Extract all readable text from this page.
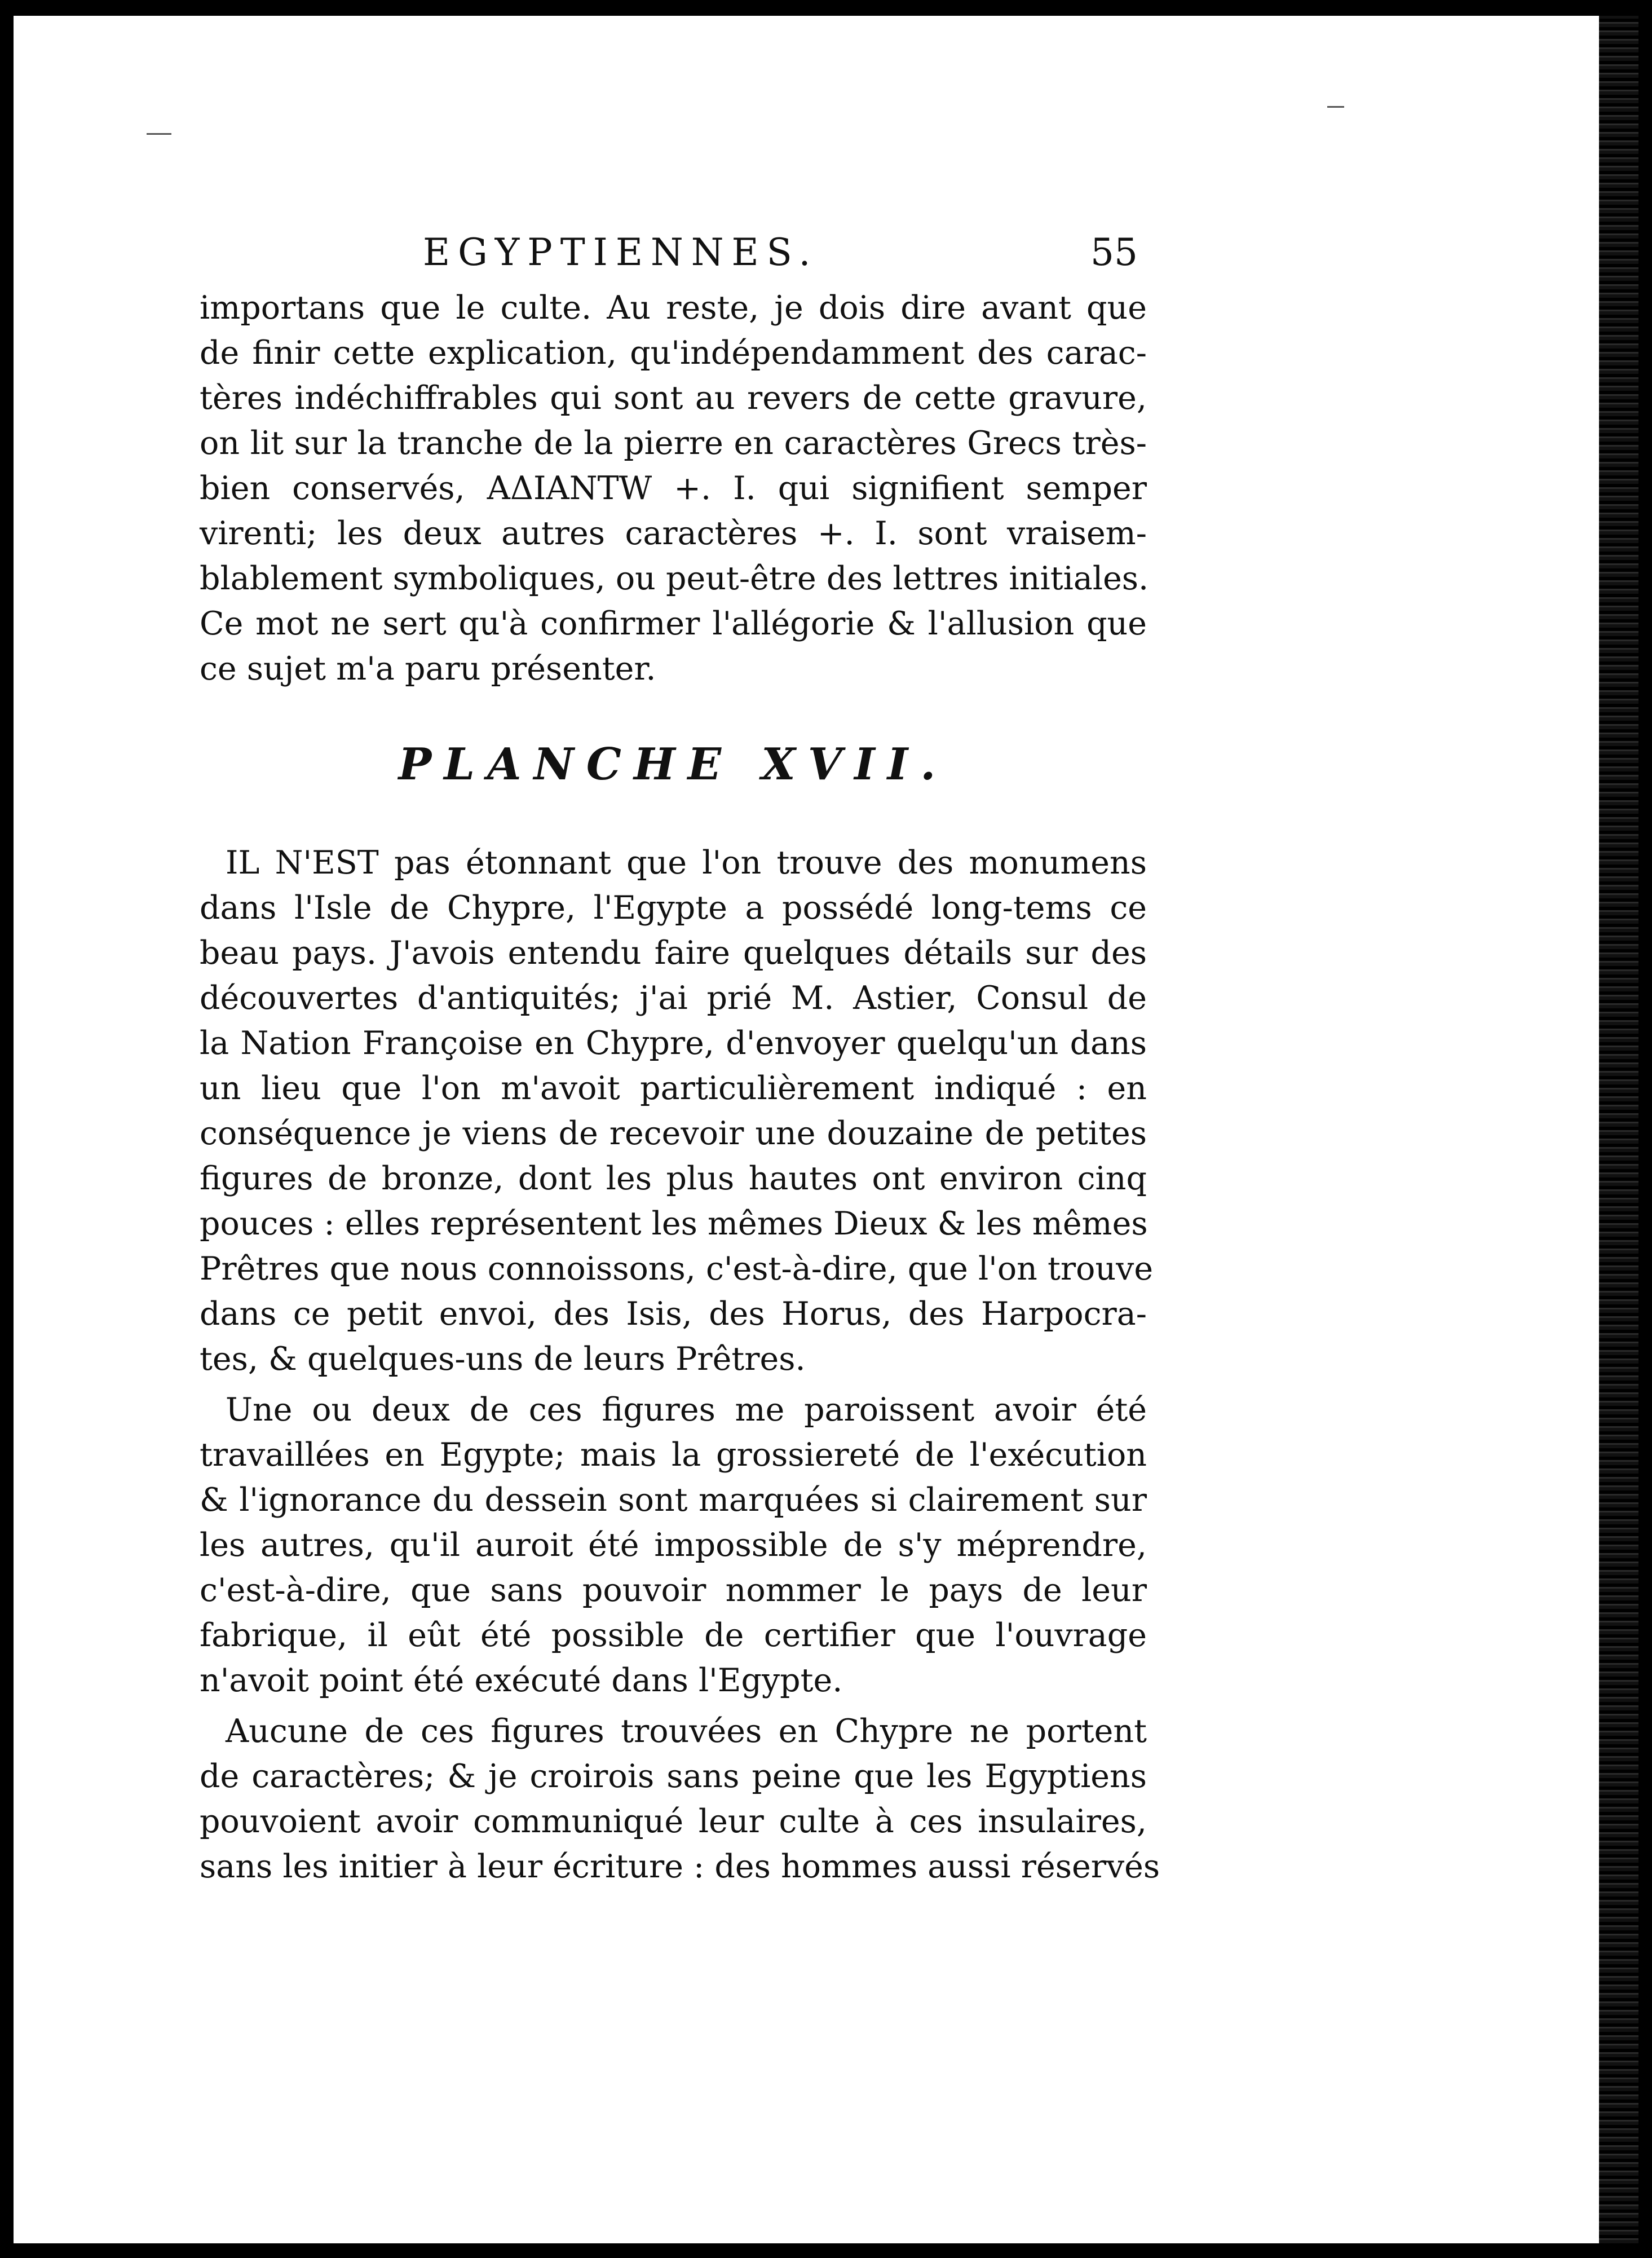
EGYPTIENNES.	55
importans que le culte. Au reste, je dois dire avant que
de finir cette explication, qu'indépendamment des carac-
tères indéchiffrables qui sont au revers de cette gravure,
on lit sur la tranche de la pierre en caractères Grecs très-
bien conservés, ΑΔΙΑΝΤW +. I. qui signifient semper
virenti; les deux autres caractères +. I. sont vraisem-
blablement symboliques, ou peut-être des lettres initiales.
Ce mot ne sert qu'à confirmer l'allégorie & l'allusion que
ce sujet m'a paru présenter.
PLANCHE XVII.
IL N'EST pas étonnant que l'on trouve des monumens
dans l'Isle de Chypre, l'Egypte a possédé long-tems ce
beau pays. J'avois entendu faire quelques détails sur des
découvertes d'antiquités; j'ai prié M. Astier, Consul de
la Nation Françoise en Chypre, d'envoyer quelqu'un dans
un lieu que l'on m'avoit particulièrement indiqué : en
conséquence je viens de recevoir une douzaine de petites
figures de bronze, dont les plus hautes ont environ cinq
pouces : elles représentent les mêmes Dieux & les mêmes
Prêtres que nous connoissons, c'est-à-dire, que l'on trouve
dans ce petit envoi, des Isis, des Horus, des Harpocra-
tes, & quelques-uns de leurs Prêtres.
Une ou deux de ces figures me paroissent avoir été
travaillées en Egypte; mais la grossiereté de l'exécution
& l'ignorance du dessein sont marquées si clairement sur
les autres, qu'il auroit été impossible de s'y méprendre,
c'est-à-dire, que sans pouvoir nommer le pays de leur
fabrique, il eût été possible de certifier que l'ouvrage
n'avoit point été exécuté dans l'Egypte.
Aucune de ces figures trouvées en Chypre ne portent
de caractères; & je croirois sans peine que les Egyptiens
pouvoient avoir communiqué leur culte à ces insulaires,
sans les initier à leur écriture : des hommes aussi réservés
